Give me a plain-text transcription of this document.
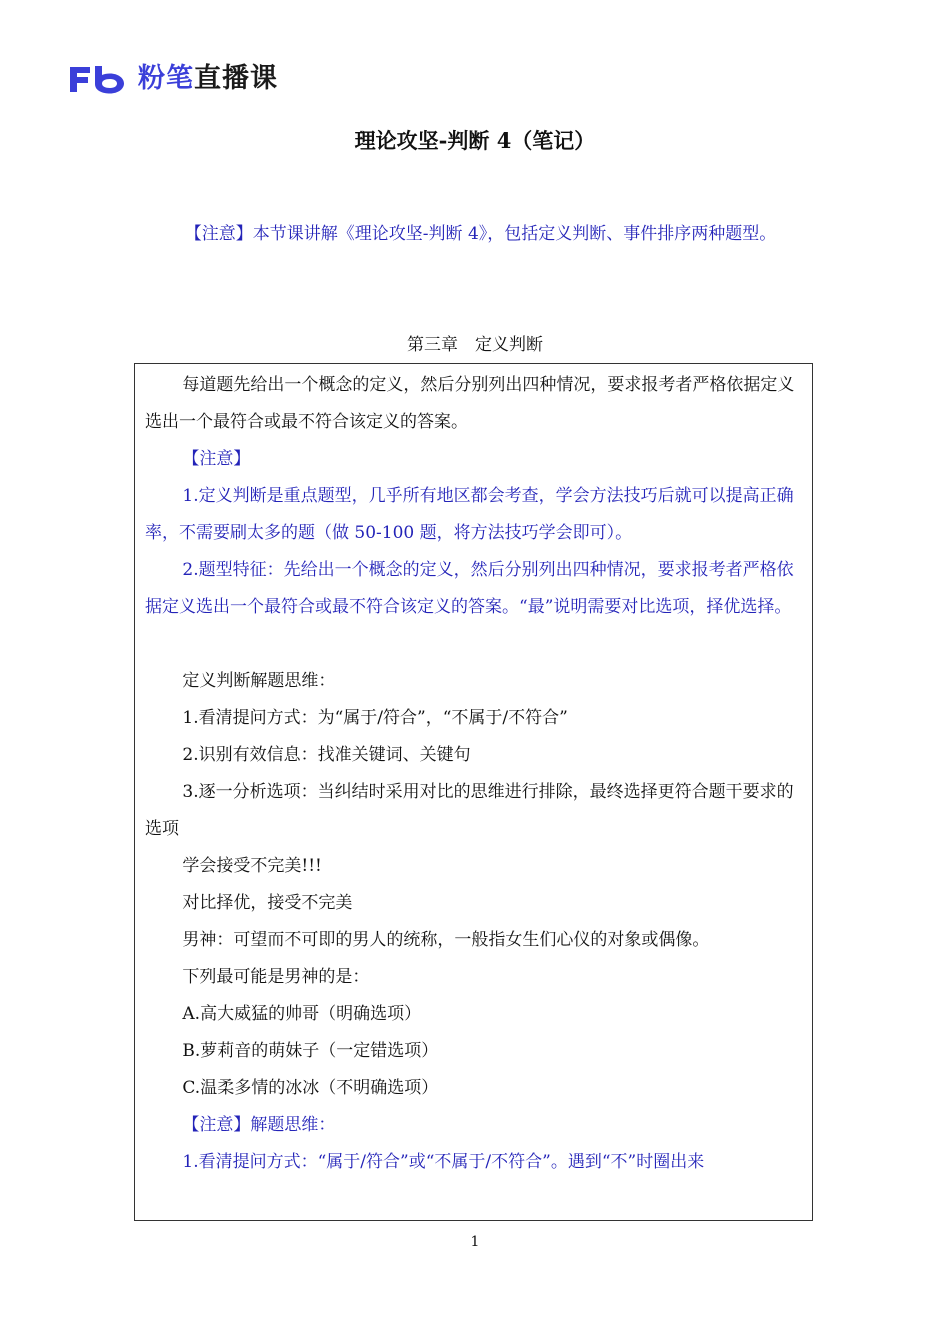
粉笔直播课
理论攻坚-判断 4（笔记）
【注意】本节课讲解《理论攻坚-判断 4》，包括定义判断、事件排序两种题型。
第三章　定义判断

每道题先给出一个概念的定义，然后分别列出四种情况，要求报考者严格依据定义选出一个最符合或最不符合该定义的答案。

【注意】

1.定义判断是重点题型，几乎所有地区都会考查，学会方法技巧后就可以提高正确率，不需要刷太多的题（做 50-100 题，将方法技巧学会即可）。

2.题型特征：先给出一个概念的定义，然后分别列出四种情况，要求报考者严格依据定义选出一个最符合或最不符合该定义的答案。“最”说明需要对比选项，择优选择。

定义判断解题思维：

1.看清提问方式：为“属于/符合”，“不属于/不符合”

2.识别有效信息：找准关键词、关键句

3.逐一分析选项：当纠结时采用对比的思维进行排除，最终选择更符合题干要求的选项

学会接受不完美!!!

对比择优，接受不完美

男神：可望而不可即的男人的统称，一般指女生们心仪的对象或偶像。

下列最可能是男神的是：

A.高大威猛的帅哥（明确选项）

B.萝莉音的萌妹子（一定错选项）

C.温柔多情的冰冰（不明确选项）

【注意】解题思维：

1.看清提问方式：“属于/符合”或“不属于/不符合”。遇到“不”时圈出来

1
